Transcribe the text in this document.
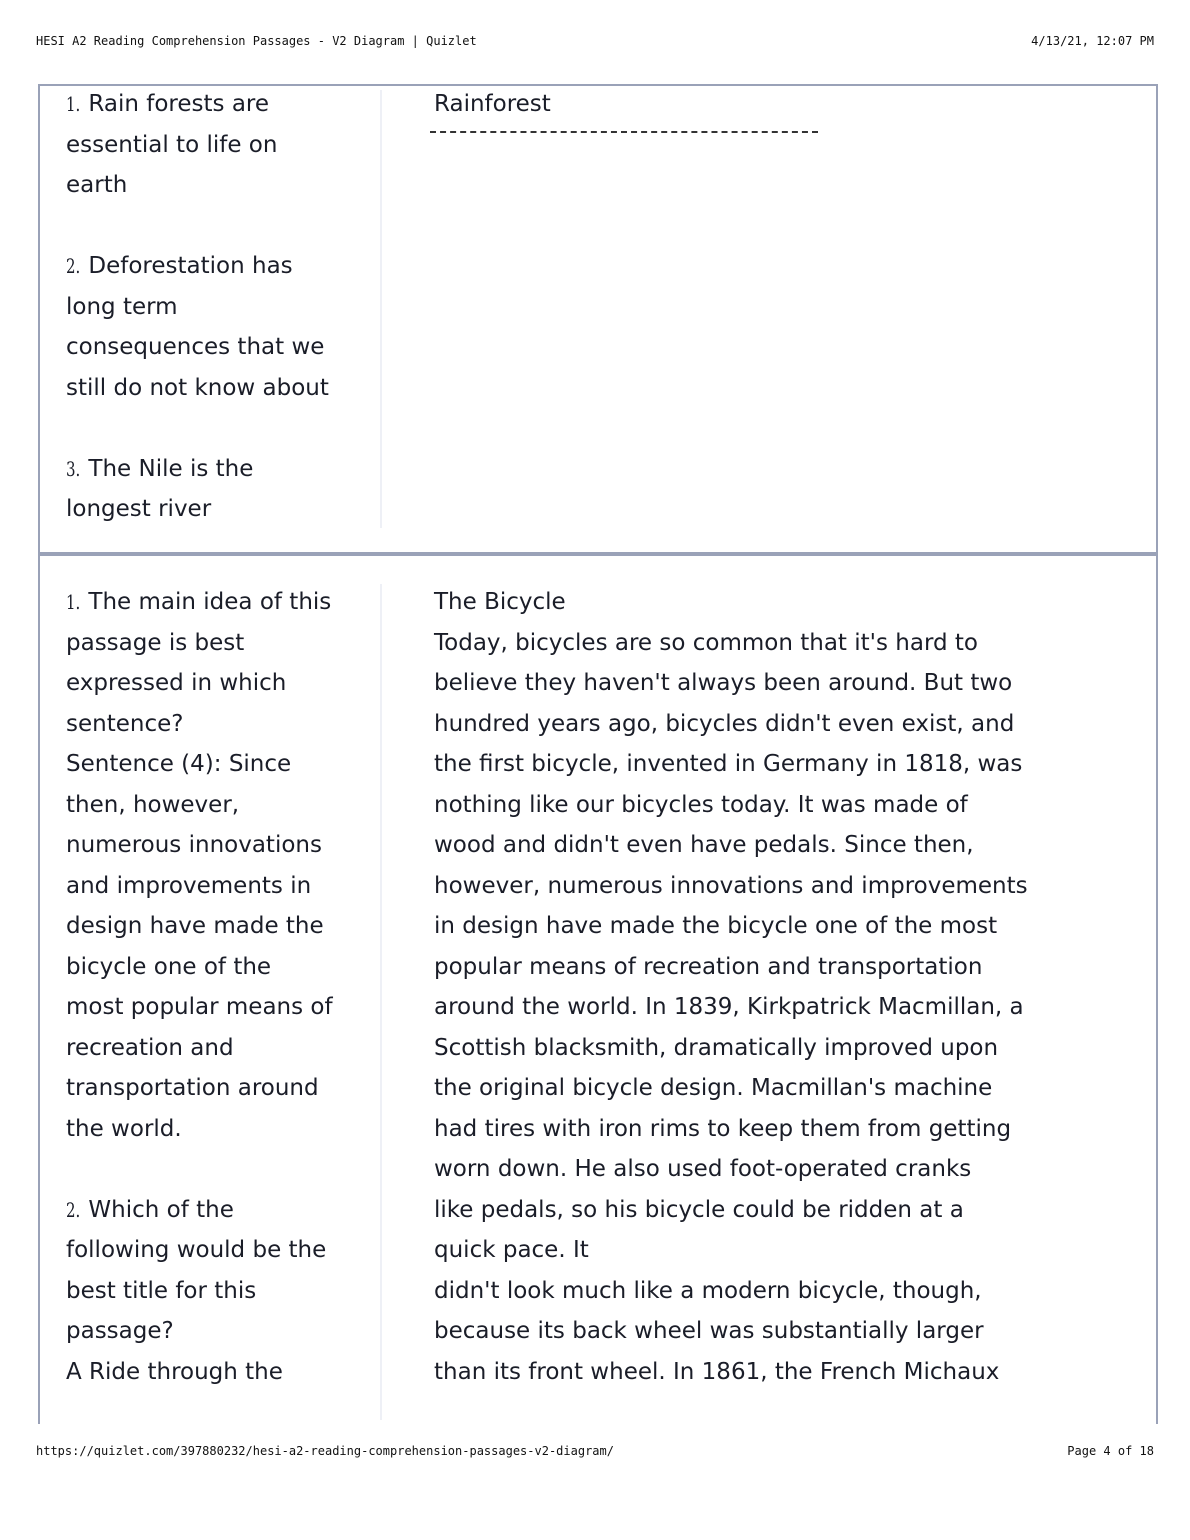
HESI A2 Reading Comprehension Passages - V2 Diagram | Quizlet	4/13/21, 12:07 PM
1. Rain forests are
essential to life on
earth
2. Deforestation has
long term
consequences that we
still do not know about
3. The Nile is the
longest river

Rainforest

1. The main idea of this
passage is best
expressed in which
sentence?
Sentence (4): Since
then, however,
numerous innovations
and improvements in
design have made the
bicycle one of the
most popular means of
recreation and
transportation around
the world.
2. Which of the
following would be the
best title for this
passage?
A Ride through the

The Bicycle

Today, bicycles are so common that it's hard to
believe they haven't always been around. But two
hundred years ago, bicycles didn't even exist, and
the first bicycle, invented in Germany in 1818, was
nothing like our bicycles today. It was made of
wood and didn't even have pedals. Since then,
however, numerous innovations and improvements
in design have made the bicycle one of the most
popular means of recreation and transportation
around the world. In 1839, Kirkpatrick Macmillan, a
Scottish blacksmith, dramatically improved upon
the original bicycle design. Macmillan's machine
had tires with iron rims to keep them from getting
worn down. He also used foot-operated cranks
like pedals, so his bicycle could be ridden at a
quick pace. It
didn't look much like a modern bicycle, though,
because its back wheel was substantially larger
than its front wheel. In 1861, the French Michaux
https://quizlet.com/397880232/hesi-a2-reading-comprehension-passages-v2-diagram/	Page 4 of 18
